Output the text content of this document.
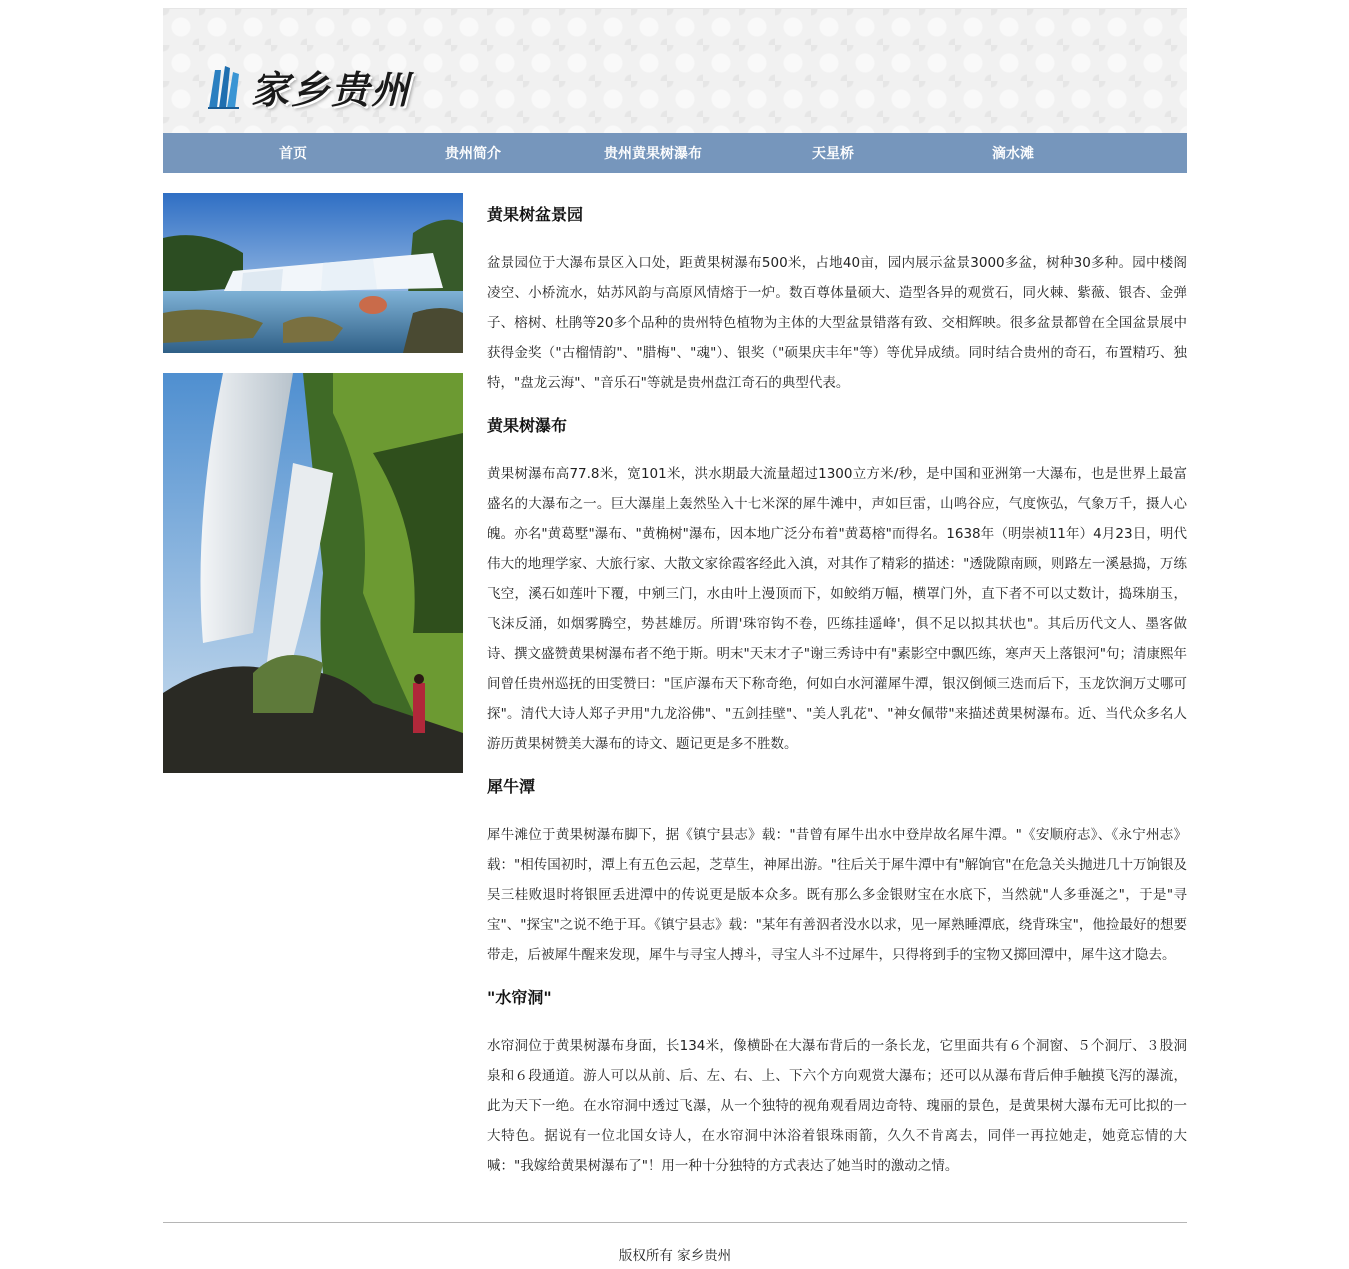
家乡贵州
首页	贵州简介	贵州黄果树瀑布	天星桥	滴水滩
黄果树盆景园

盆景园位于大瀑布景区入口处，距黄果树瀑布500米，占地40亩，园内展示盆景3000多盆，树种30多种。园中楼阁凌空、小桥流水，姑苏风韵与高原风情熔于一炉。数百尊体量硕大、造型各异的观赏石，同火棘、紫薇、银杏、金弹子、榕树、杜鹃等20多个品种的贵州特色植物为主体的大型盆景错落有致、交相辉映。很多盆景都曾在全国盆景展中获得金奖（"古榴情韵"、"腊梅"、"魂"）、银奖（"硕果庆丰年"等）等优异成绩。同时结合贵州的奇石，布置精巧、独特，"盘龙云海"、"音乐石"等就是贵州盘江奇石的典型代表。

黄果树瀑布

黄果树瀑布高77.8米，宽101米，洪水期最大流量超过1300立方米/秒，是中国和亚洲第一大瀑布，也是世界上最富盛名的大瀑布之一。巨大瀑崖上轰然坠入十七米深的犀牛滩中，声如巨雷，山鸣谷应，气度恢弘，气象万千，摄人心魄。亦名"黄葛墅"瀑布、"黄桷树"瀑布，因本地广泛分布着"黄葛榕"而得名。1638年（明崇祯11年）4月23日，明代伟大的地理学家、大旅行家、大散文家徐霞客经此入滇，对其作了精彩的描述："透陇隙南顾，则路左一溪悬捣，万练飞空，溪石如莲叶下覆，中剜三门，水由叶上漫顶而下，如鲛绡万幅，横罩门外，直下者不可以丈数计，捣珠崩玉，飞沫反涌，如烟雾腾空，势甚雄厉。所谓'珠帘钩不卷，匹练挂遥峰'，俱不足以拟其状也"。其后历代文人、墨客做诗、撰文盛赞黄果树瀑布者不绝于斯。明末"天末才子"谢三秀诗中有"素影空中飘匹练，寒声天上落银河"句；清康熙年间曾任贵州巡抚的田雯赞曰："匡庐瀑布天下称奇绝，何如白水河灌犀牛潭，银汉倒倾三迭而后下，玉龙饮涧万丈哪可探"。清代大诗人郑子尹用"九龙浴佛"、"五剑挂壁"、"美人乳花"、"神女佩带"来描述黄果树瀑布。近、当代众多名人游历黄果树赞美大瀑布的诗文、题记更是多不胜数。

犀牛潭

犀牛滩位于黄果树瀑布脚下，据《镇宁县志》载："昔曾有犀牛出水中登岸故名犀牛潭。"《安顺府志》、《永宁州志》载："相传国初时，潭上有五色云起，芝草生，神犀出游。"往后关于犀牛潭中有"解饷官"在危急关头抛进几十万饷银及吴三桂败退时将银匣丢进潭中的传说更是版本众多。既有那么多金银财宝在水底下，当然就"人多垂涎之"，于是"寻宝"、"探宝"之说不绝于耳。《镇宁县志》载："某年有善泅者没水以求，见一犀熟睡潭底，绕背珠宝"，他捡最好的想要带走，后被犀牛醒来发现，犀牛与寻宝人搏斗，寻宝人斗不过犀牛，只得将到手的宝物又掷回潭中，犀牛这才隐去。

"水帘洞"

水帘洞位于黄果树瀑布身面，长134米，像横卧在大瀑布背后的一条长龙，它里面共有６个洞窗、５个洞厅、３股洞泉和６段通道。游人可以从前、后、左、右、上、下六个方向观赏大瀑布；还可以从瀑布背后伸手触摸飞泻的瀑流，此为天下一绝。在水帘洞中透过飞瀑，从一个独特的视角观看周边奇特、瑰丽的景色，是黄果树大瀑布无可比拟的一大特色。据说有一位北国女诗人，在水帘洞中沐浴着银珠雨箭，久久不肯离去，同伴一再拉她走，她竟忘情的大喊："我嫁给黄果树瀑布了"！用一种十分独特的方式表达了她当时的激动之情。

版权所有 家乡贵州
